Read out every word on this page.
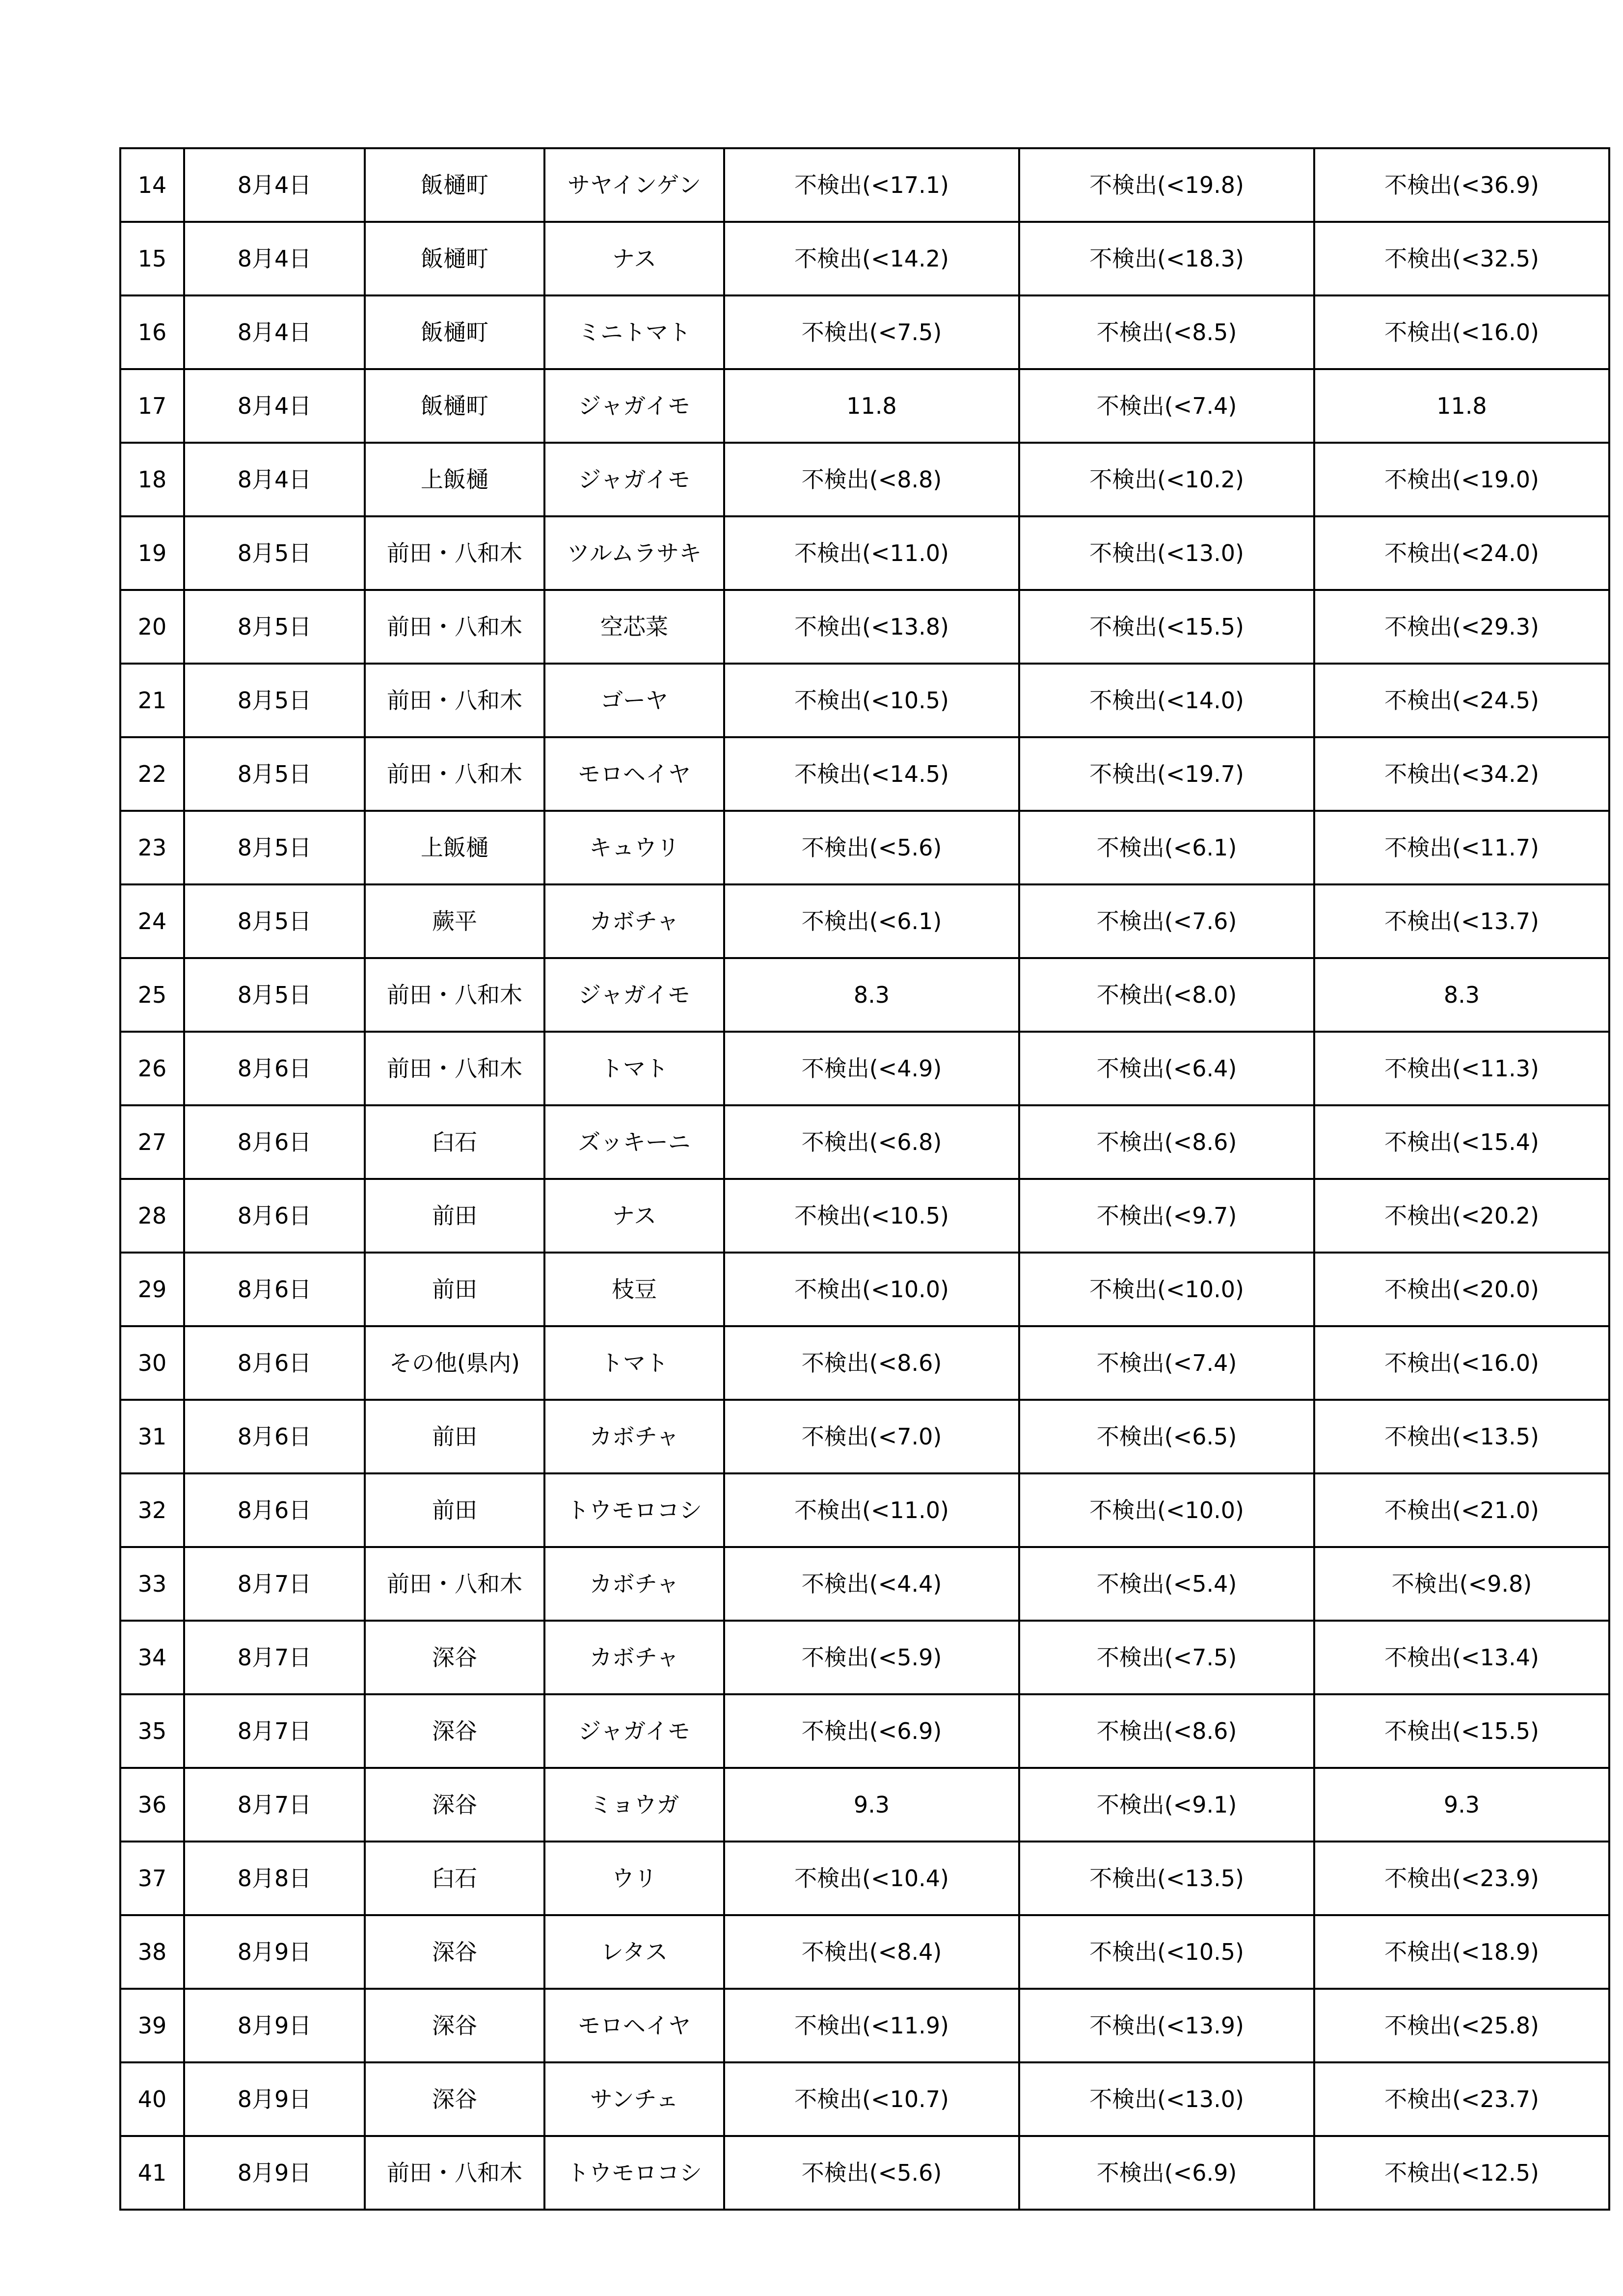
14	8月4日	飯樋町	サヤインゲン	不検出(<17.1)	不検出(<19.8)	不検出(<36.9)
15	8月4日	飯樋町	ナス	不検出(<14.2)	不検出(<18.3)	不検出(<32.5)
16	8月4日	飯樋町	ミニトマト	不検出(<7.5)	不検出(<8.5)	不検出(<16.0)
17	8月4日	飯樋町	ジャガイモ	11.8	不検出(<7.4)	11.8
18	8月4日	上飯樋	ジャガイモ	不検出(<8.8)	不検出(<10.2)	不検出(<19.0)
19	8月5日	前田・八和木	ツルムラサキ	不検出(<11.0)	不検出(<13.0)	不検出(<24.0)
20	8月5日	前田・八和木	空芯菜	不検出(<13.8)	不検出(<15.5)	不検出(<29.3)
21	8月5日	前田・八和木	ゴーヤ	不検出(<10.5)	不検出(<14.0)	不検出(<24.5)
22	8月5日	前田・八和木	モロヘイヤ	不検出(<14.5)	不検出(<19.7)	不検出(<34.2)
23	8月5日	上飯樋	キュウリ	不検出(<5.6)	不検出(<6.1)	不検出(<11.7)
24	8月5日	蕨平	カボチャ	不検出(<6.1)	不検出(<7.6)	不検出(<13.7)
25	8月5日	前田・八和木	ジャガイモ	8.3	不検出(<8.0)	8.3
26	8月6日	前田・八和木	トマト	不検出(<4.9)	不検出(<6.4)	不検出(<11.3)
27	8月6日	臼石	ズッキーニ	不検出(<6.8)	不検出(<8.6)	不検出(<15.4)
28	8月6日	前田	ナス	不検出(<10.5)	不検出(<9.7)	不検出(<20.2)
29	8月6日	前田	枝豆	不検出(<10.0)	不検出(<10.0)	不検出(<20.0)
30	8月6日	その他(県内)	トマト	不検出(<8.6)	不検出(<7.4)	不検出(<16.0)
31	8月6日	前田	カボチャ	不検出(<7.0)	不検出(<6.5)	不検出(<13.5)
32	8月6日	前田	トウモロコシ	不検出(<11.0)	不検出(<10.0)	不検出(<21.0)
33	8月7日	前田・八和木	カボチャ	不検出(<4.4)	不検出(<5.4)	不検出(<9.8)
34	8月7日	深谷	カボチャ	不検出(<5.9)	不検出(<7.5)	不検出(<13.4)
35	8月7日	深谷	ジャガイモ	不検出(<6.9)	不検出(<8.6)	不検出(<15.5)
36	8月7日	深谷	ミョウガ	9.3	不検出(<9.1)	9.3
37	8月8日	臼石	ウリ	不検出(<10.4)	不検出(<13.5)	不検出(<23.9)
38	8月9日	深谷	レタス	不検出(<8.4)	不検出(<10.5)	不検出(<18.9)
39	8月9日	深谷	モロヘイヤ	不検出(<11.9)	不検出(<13.9)	不検出(<25.8)
40	8月9日	深谷	サンチェ	不検出(<10.7)	不検出(<13.0)	不検出(<23.7)
41	8月9日	前田・八和木	トウモロコシ	不検出(<5.6)	不検出(<6.9)	不検出(<12.5)
